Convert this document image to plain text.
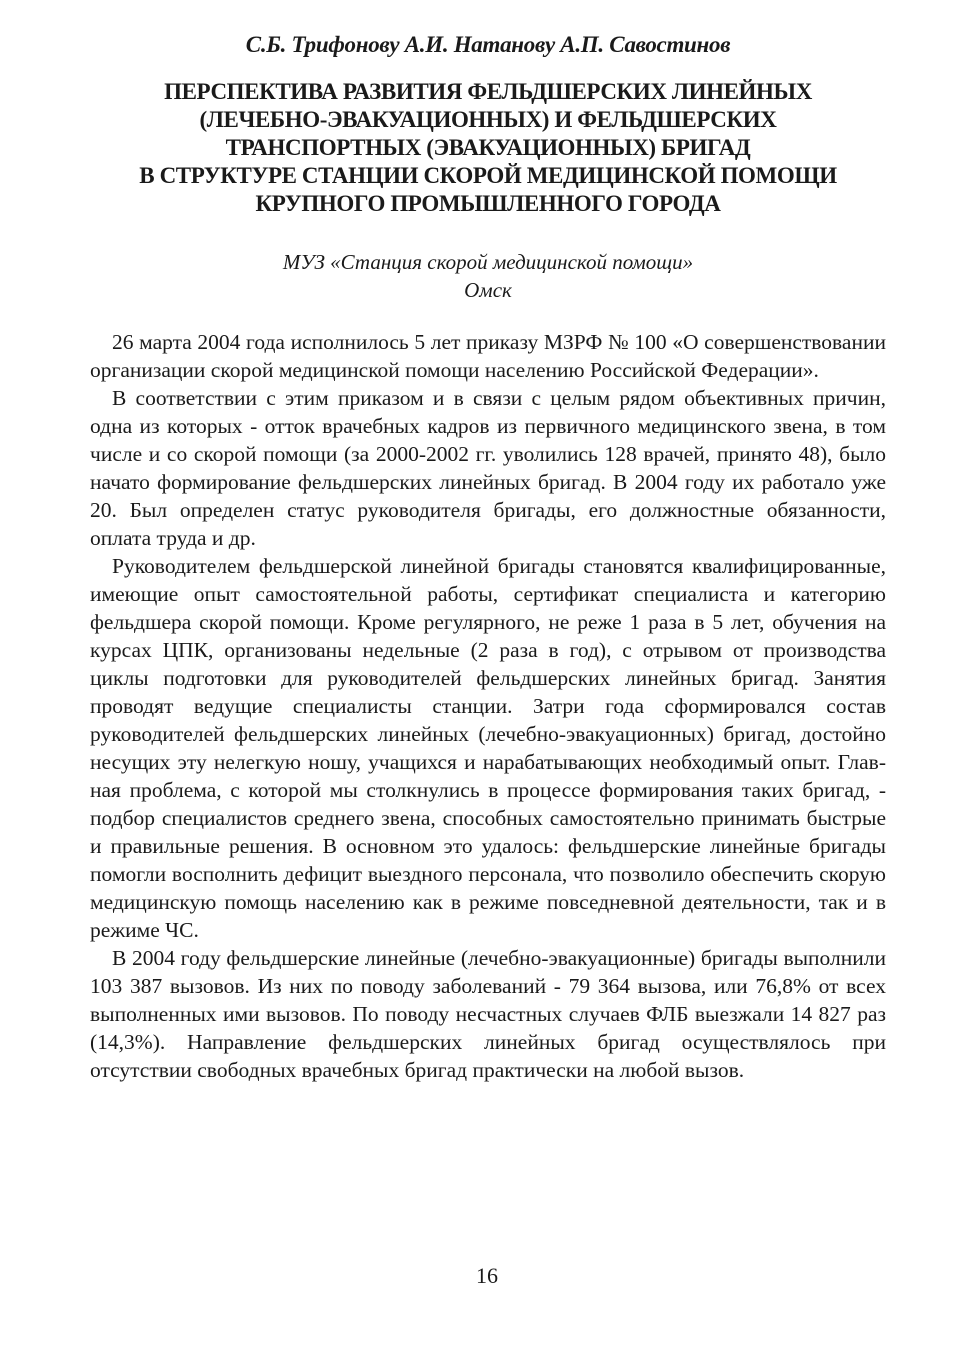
С.Б. Трифонову А.И. Натанову А.П. Савостинов
ПЕРСПЕКТИВА РАЗВИТИЯ ФЕЛЬДШЕРСКИХ ЛИНЕЙНЫХ
(ЛЕЧЕБНО-ЭВАКУАЦИОННЫХ) И ФЕЛЬДШЕРСКИХ
ТРАНСПОРТНЫХ (ЭВАКУАЦИОННЫХ) БРИГАД
В СТРУКТУРЕ СТАНЦИИ СКОРОЙ МЕДИЦИНСКОЙ ПОМОЩИ
КРУПНОГО ПРОМЫШЛЕННОГО ГОРОДА
МУЗ «Станция скорой медицинской помощи»
Омск

26 марта 2004 года исполнилось 5 лет приказу МЗРФ № 100 «О совершенствовании организации скорой медицинской помощи населению Российской Федерации».

В соответствии с этим приказом и в связи с целым рядом объективных причин, одна из которых - отток врачебных кадров из первичного медицинского звена, в том числе и со скорой помощи (за 2000-2002 гг. уволились 128 врачей, принято 48), было начато формирование фельдшерских линейных бригад. В 2004 году их работало уже 20. Был определен статус руководителя бригады, его должностные обязанности, оплата труда и др.

Руководителем фельдшерской линейной бригады становятся квалифицированные, имеющие опыт самостоятельной работы, сертификат специалиста и категорию фельдшера скорой помощи. Кроме регулярного, не реже 1 раза в 5 лет, обучения на курсах ЦПК, организованы недельные (2 раза в год), с отрывом от производства циклы подготовки для руководителей фельдшерских линейных бригад. Занятия проводят ведущие специалисты станции. Затри года сформировался состав руководителей фельдшерских линейных (лечебно-эвакуационных) бригад, достойно несущих эту нелегкую ношу, учащихся и нарабатывающих необходимый опыт. Главная проблема, с которой мы столкнулись в процессе формирования таких бригад, - подбор специалистов среднего звена, способных самостоятельно принимать быстрые и правильные решения. В основном это удалось: фельдшерские линейные бригады помогли восполнить дефицит выездного персонала, что позволило обеспечить скорую медицинскую помощь населению как в режиме повседневной деятельности, так и в режиме ЧС.

В 2004 году фельдшерские линейные (лечебно-эвакуационные) бригады выполнили 103 387 вызовов. Из них по поводу заболеваний - 79 364 вызова, или 76,8% от всех выполненных ими вызовов. По поводу несчастных случаев ФЛБ выезжали 14 827 раз (14,3%). Направление фельдшерских линейных бригад осуществлялось при отсутствии свободных врачебных бригад практически на любой вызов.

16
